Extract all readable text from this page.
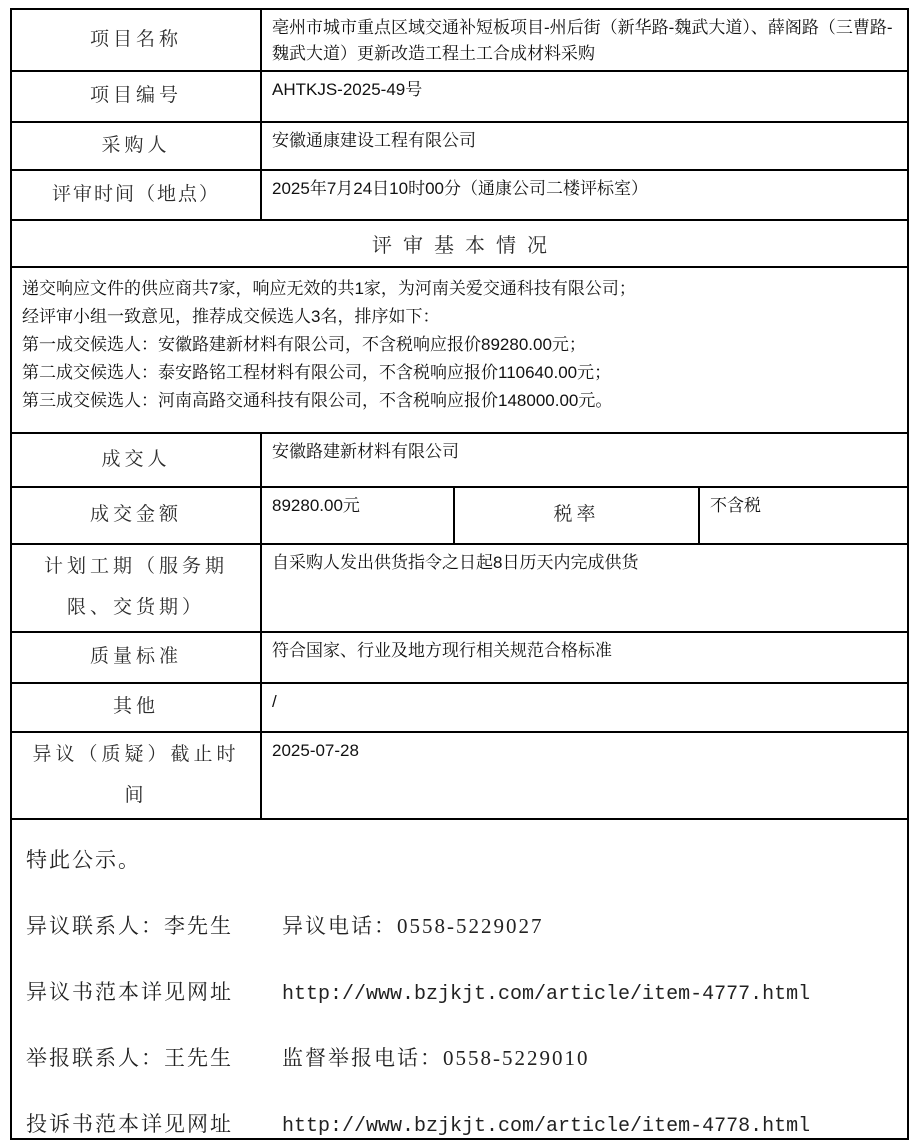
项目名称	亳州市城市重点区域交通补短板项目-州后街（新华路-魏武大道）、薛阁路（三曹路-魏武大道）更新改造工程土工合成材料采购		
项目编号	AHTKJS-2025-49号		
采购人	安徽通康建设工程有限公司		
评审时间（地点）	2025年7月24日10时00分（通康公司二楼评标室）		
评审基本情况			

递交响应文件的供应商共7家，响应无效的共1家，为河南关爱交通科技有限公司；
经评审小组一致意见，推荐成交候选人3名，排序如下：
第一成交候选人：安徽路建新材料有限公司，不含税响应报价89280.00元；
第二成交候选人：泰安路铭工程材料有限公司，不含税响应报价110640.00元；
第三成交候选人：河南高路交通科技有限公司，不含税响应报价148000.00元。			

成交人	安徽路建新材料有限公司		
成交金额	89280.00元	税率	不含税
计划工期（服务期限、交货期）	自采购人发出供货指令之日起8日历天内完成供货		
质量标准	符合国家、行业及地方现行相关规范合格标准		
其他	/		
异议（质疑）截止时间	2025-07-28		

特此公示。

异议联系人：李先生	异议电话：0558-5229027
异议书范本详见网址	http://www.bzjkjt.com/article/item-4777.html
举报联系人：王先生	监督举报电话：0558-5229010
投诉书范本详见网址	http://www.bzjkjt.com/article/item-4778.html
